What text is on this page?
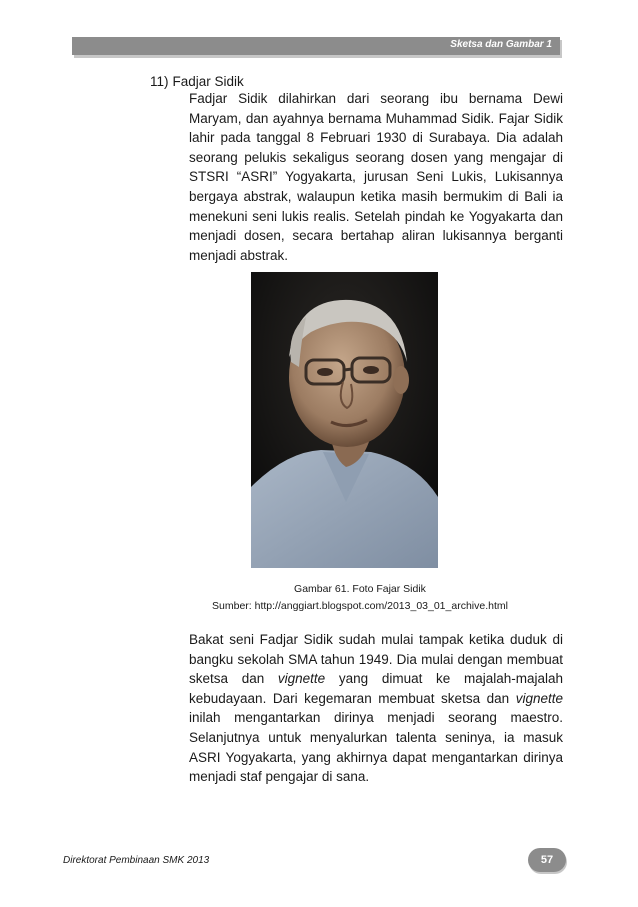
Sketsa dan Gambar 1
11) Fadjar Sidik
Fadjar Sidik dilahirkan dari seorang ibu bernama Dewi Maryam, dan ayahnya bernama Muhammad Sidik. Fajar Sidik lahir pada tanggal 8 Februari 1930 di Surabaya. Dia adalah seorang pelukis sekaligus seorang dosen yang mengajar di STSRI “ASRI” Yogyakarta, jurusan Seni Lukis, Lukisannya bergaya abstrak, walaupun ketika masih bermukim di Bali ia menekuni seni lukis realis. Setelah pindah ke Yogyakarta dan menjadi dosen, secara bertahap aliran lukisannya berganti menjadi abstrak.
Gambar 61. Foto Fajar Sidik
Sumber: http://anggiart.blogspot.com/2013_03_01_archive.html
Bakat seni Fadjar Sidik sudah mulai tampak ketika duduk di bangku sekolah SMA tahun 1949. Dia mulai dengan membuat sketsa dan vignette yang dimuat ke majalah-majalah kebudayaan. Dari kegemaran membuat sketsa dan vignette inilah mengantarkan dirinya menjadi seorang maestro. Selanjutnya untuk menyalurkan talenta seninya, ia masuk ASRI Yogyakarta, yang akhirnya dapat mengantarkan dirinya menjadi staf pengajar di sana.
Direktorat Pembinaan SMK 2013	57
